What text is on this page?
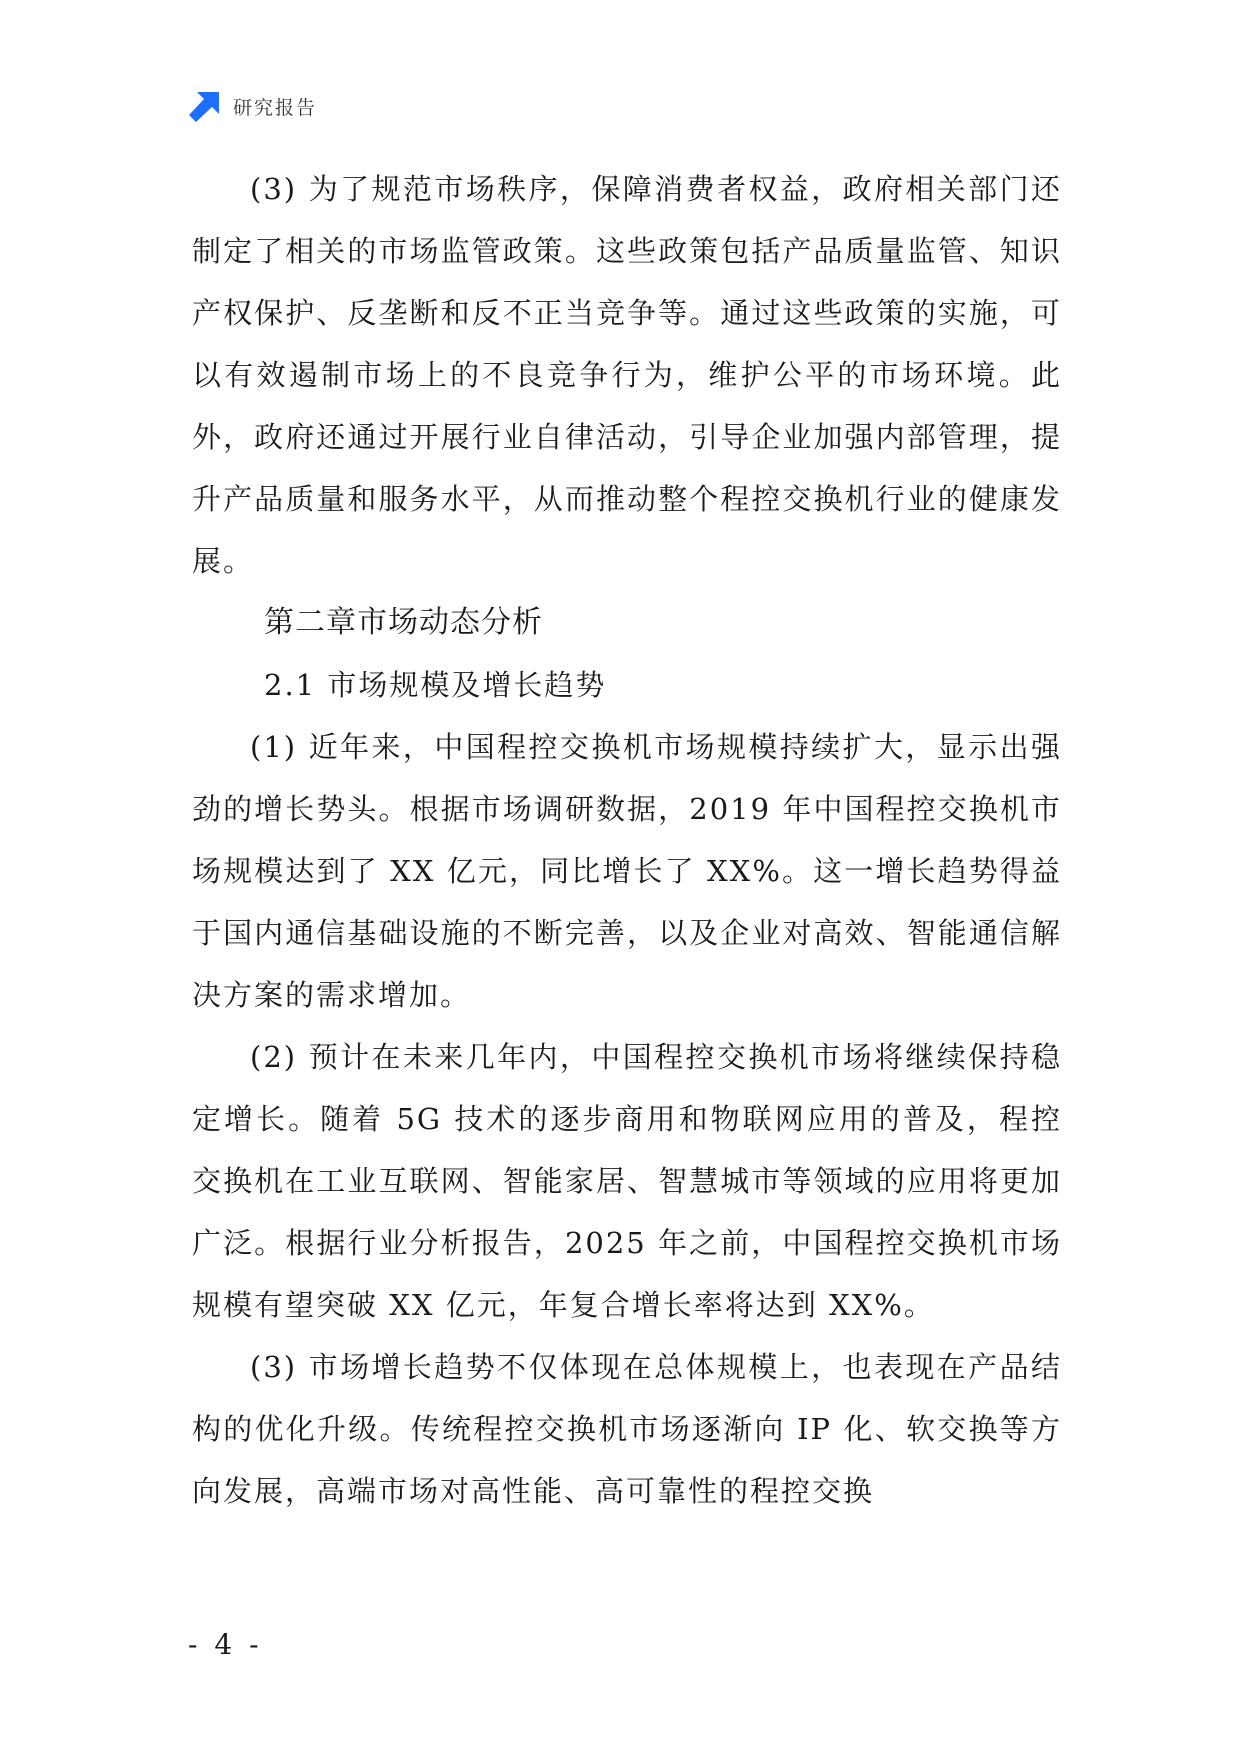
研究报告

(3) 为了规范市场秩序，保障消费者权益，政府相关部门还制定了相关的市场监管政策。这些政策包括产品质量监管、知识产权保护、反垄断和反不正当竞争等。通过这些政策的实施，可以有效遏制市场上的不良竞争行为，维护公平的市场环境。此外，政府还通过开展行业自律活动，引导企业加强内部管理，提升产品质量和服务水平，从而推动整个程控交换机行业的健康发展。

第二章市场动态分析
2.1 市场规模及增长趋势

(1) 近年来，中国程控交换机市场规模持续扩大，显示出强劲的增长势头。根据市场调研数据，2019 年中国程控交换机市场规模达到了 XX 亿元，同比增长了 XX%。这一增长趋势得益于国内通信基础设施的不断完善，以及企业对高效、智能通信解决方案的需求增加。

(2) 预计在未来几年内，中国程控交换机市场将继续保持稳定增长。随着 5G 技术的逐步商用和物联网应用的普及，程控交换机在工业互联网、智能家居、智慧城市等领域的应用将更加广泛。根据行业分析报告，2025 年之前，中国程控交换机市场规模有望突破 XX 亿元，年复合增长率将达到 XX%。

(3) 市场增长趋势不仅体现在总体规模上，也表现在产品结构的优化升级。传统程控交换机市场逐渐向 IP 化、软交换等方向发展，高端市场对高性能、高可靠性的程控交换

- 4 -
